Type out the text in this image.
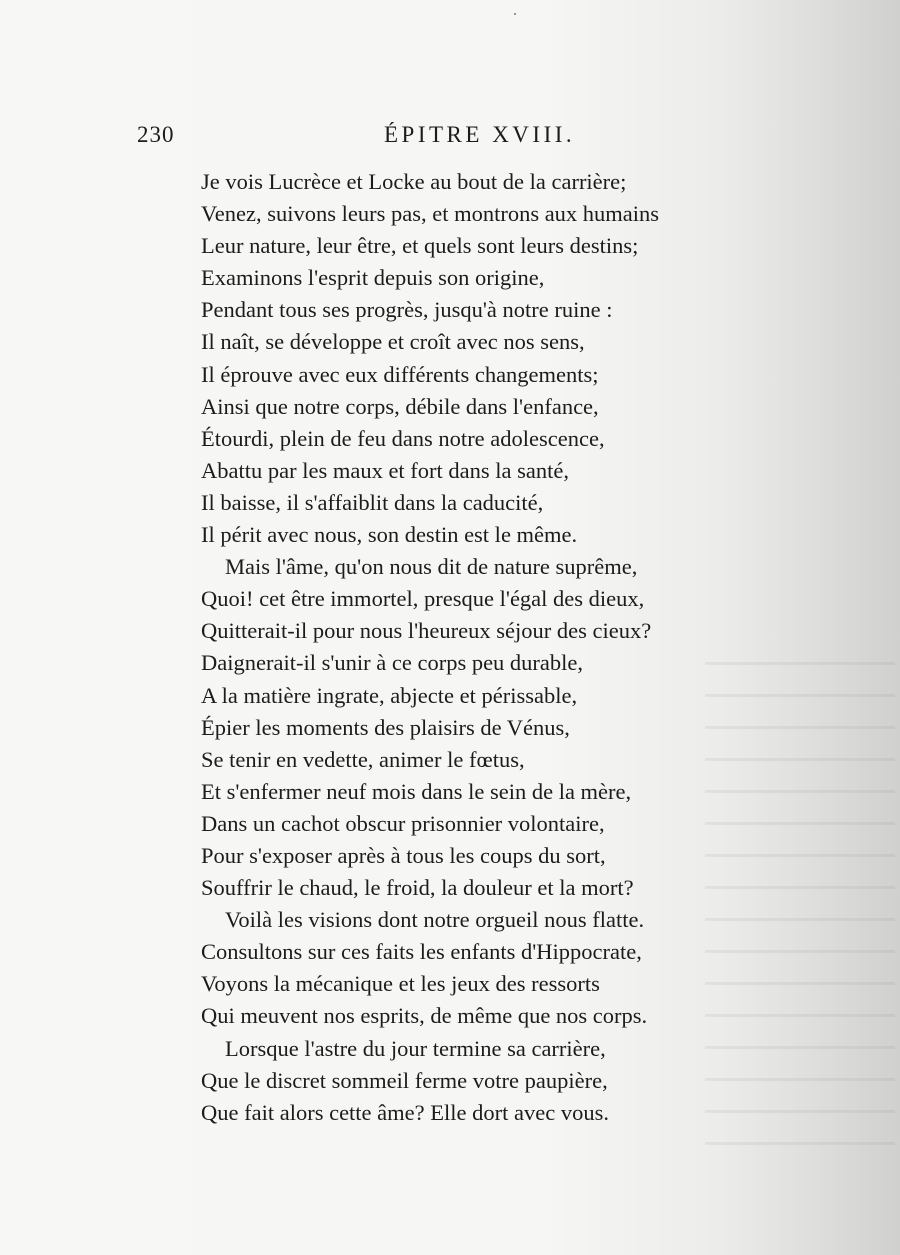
230	ÉPITRE XVIII.
Je vois Lucrèce et Locke au bout de la carrière;
Venez, suivons leurs pas, et montrons aux humains
Leur nature, leur être, et quels sont leurs destins;
Examinons l'esprit depuis son origine,
Pendant tous ses progrès, jusqu'à notre ruine :
Il naît, se développe et croît avec nos sens,
Il éprouve avec eux différents changements;
Ainsi que notre corps, débile dans l'enfance,
Étourdi, plein de feu dans notre adolescence,
Abattu par les maux et fort dans la santé,
Il baisse, il s'affaiblit dans la caducité,
Il périt avec nous, son destin est le même.
Mais l'âme, qu'on nous dit de nature suprême,
Quoi! cet être immortel, presque l'égal des dieux,
Quitterait-il pour nous l'heureux séjour des cieux?
Daignerait-il s'unir à ce corps peu durable,
A la matière ingrate, abjecte et périssable,
Épier les moments des plaisirs de Vénus,
Se tenir en vedette, animer le fœtus,
Et s'enfermer neuf mois dans le sein de la mère,
Dans un cachot obscur prisonnier volontaire,
Pour s'exposer après à tous les coups du sort,
Souffrir le chaud, le froid, la douleur et la mort?
Voilà les visions dont notre orgueil nous flatte.
Consultons sur ces faits les enfants d'Hippocrate,
Voyons la mécanique et les jeux des ressorts
Qui meuvent nos esprits, de même que nos corps.
Lorsque l'astre du jour termine sa carrière,
Que le discret sommeil ferme votre paupière,
Que fait alors cette âme? Elle dort avec vous.
